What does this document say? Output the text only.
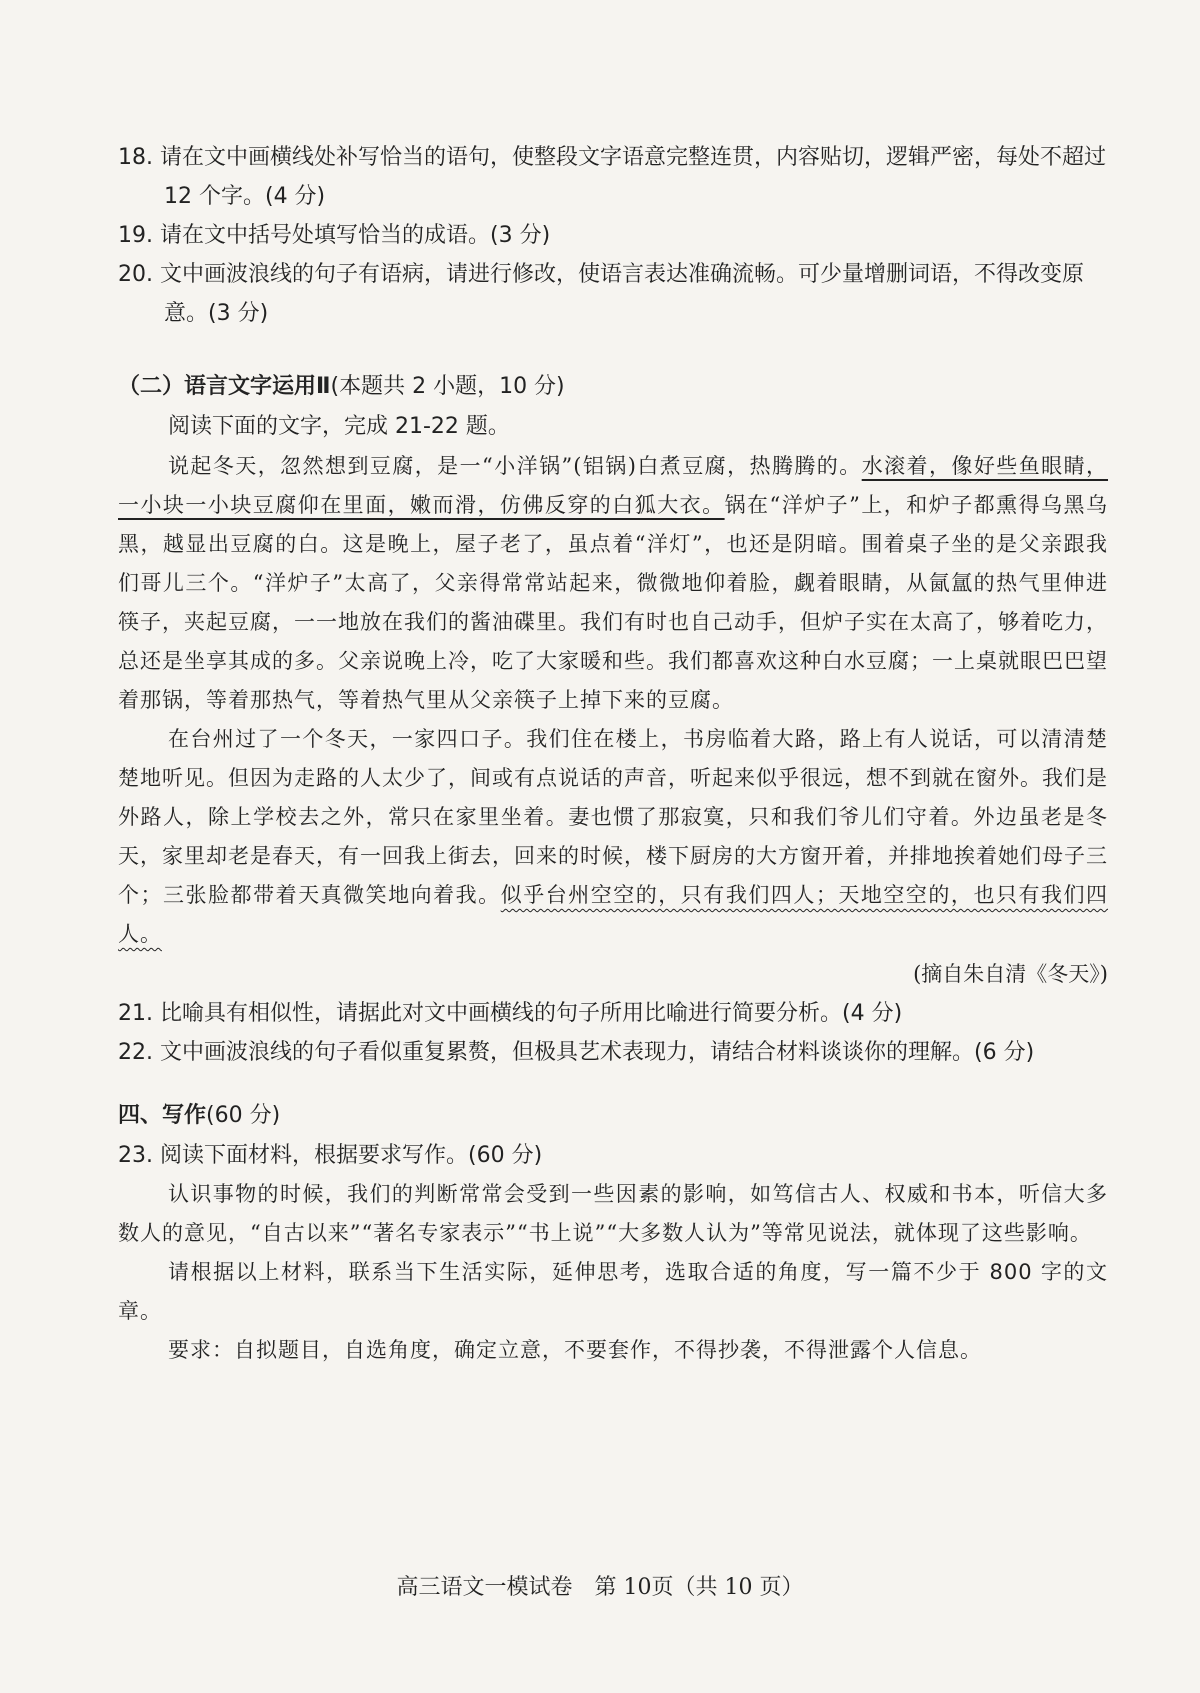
18. 请在文中画横线处补写恰当的语句，使整段文字语意完整连贯，内容贴切，逻辑严密，每处不超过 12 个字。(4 分)
19. 请在文中括号处填写恰当的成语。(3 分)
20. 文中画波浪线的句子有语病，请进行修改，使语言表达准确流畅。可少量增删词语，不得改变原意。(3 分)
（二）语言文字运用Ⅱ(本题共 2 小题，10 分)
阅读下面的文字，完成 21-22 题。
说起冬天，忽然想到豆腐，是一“小洋锅”(铝锅)白煮豆腐，热腾腾的。水滚着，像好些鱼眼睛，一小块一小块豆腐仰在里面，嫩而滑，仿佛反穿的白狐大衣。锅在“洋炉子”上，和炉子都熏得乌黑乌黑，越显出豆腐的白。这是晚上，屋子老了，虽点着“洋灯”，也还是阴暗。围着桌子坐的是父亲跟我们哥儿三个。“洋炉子”太高了，父亲得常常站起来，微微地仰着脸，觑着眼睛，从氤氲的热气里伸进筷子，夹起豆腐，一一地放在我们的酱油碟里。我们有时也自己动手，但炉子实在太高了，够着吃力，总还是坐享其成的多。父亲说晚上冷，吃了大家暖和些。我们都喜欢这种白水豆腐；一上桌就眼巴巴望着那锅，等着那热气，等着热气里从父亲筷子上掉下来的豆腐。
在台州过了一个冬天，一家四口子。我们住在楼上，书房临着大路，路上有人说话，可以清清楚楚地听见。但因为走路的人太少了，间或有点说话的声音，听起来似乎很远，想不到就在窗外。我们是外路人，除上学校去之外，常只在家里坐着。妻也惯了那寂寞，只和我们爷儿们守着。外边虽老是冬天，家里却老是春天，有一回我上街去，回来的时候，楼下厨房的大方窗开着，并排地挨着她们母子三个；三张脸都带着天真微笑地向着我。似乎台州空空的，只有我们四人；天地空空的，也只有我们四人。
(摘自朱自清《冬天》)
21. 比喻具有相似性，请据此对文中画横线的句子所用比喻进行简要分析。(4 分)
22. 文中画波浪线的句子看似重复累赘，但极具艺术表现力，请结合材料谈谈你的理解。(6 分)
四、写作(60 分)
23. 阅读下面材料，根据要求写作。(60 分)
认识事物的时候，我们的判断常常会受到一些因素的影响，如笃信古人、权威和书本，听信大多数人的意见，“自古以来”“著名专家表示”“书上说”“大多数人认为”等常见说法，就体现了这些影响。
请根据以上材料，联系当下生活实际，延伸思考，选取合适的角度，写一篇不少于 800 字的文章。
要求：自拟题目，自选角度，确定立意，不要套作，不得抄袭，不得泄露个人信息。
高三语文一模试卷　第 10页（共 10 页）
